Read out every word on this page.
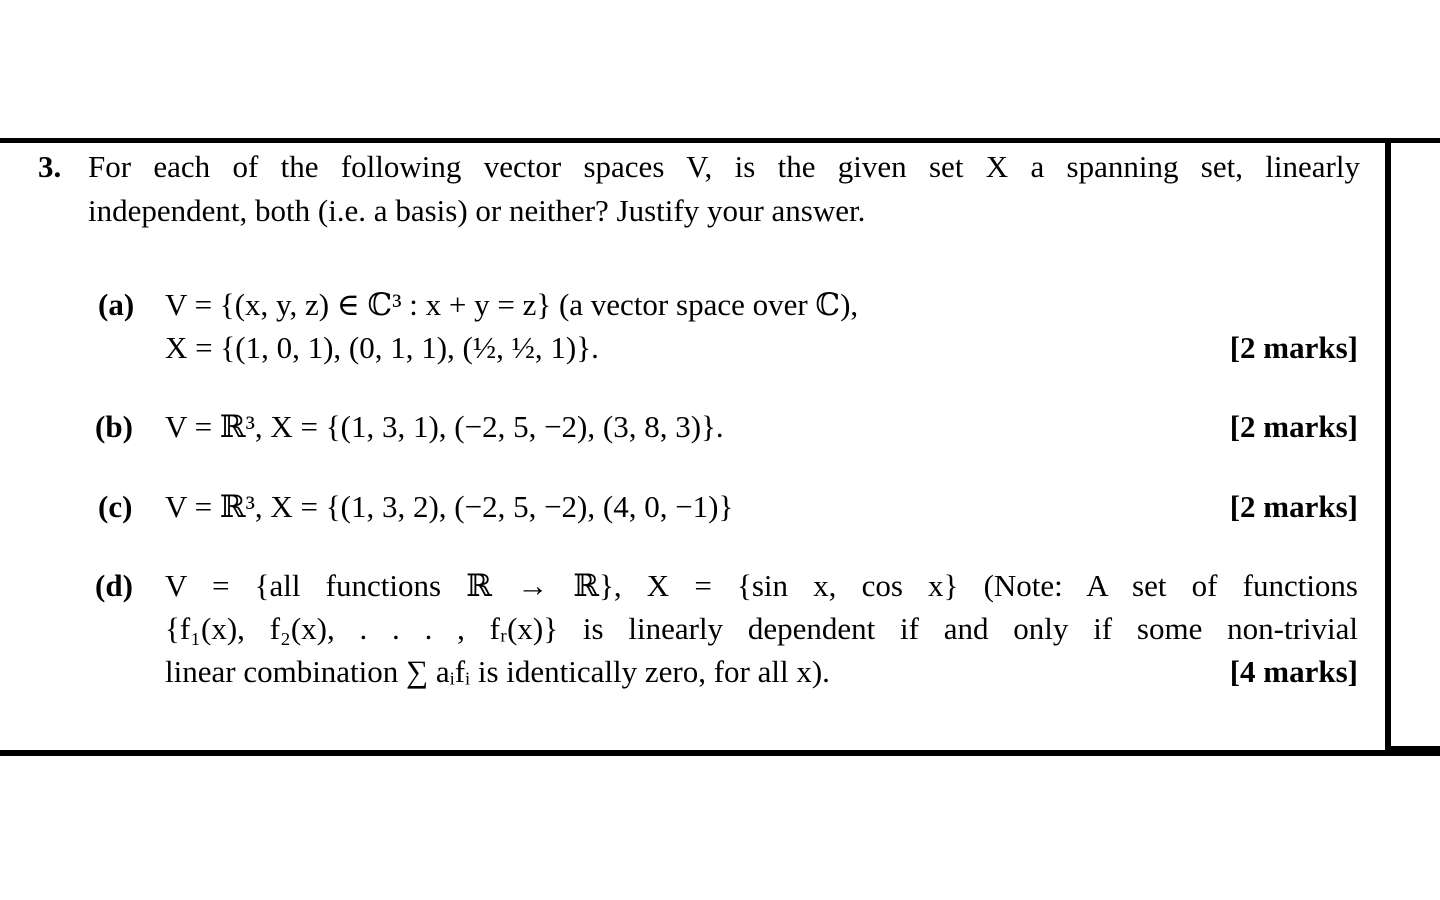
3. For each of the following vector spaces V, is the given set X a spanning set, linearly
independent, both (i.e. a basis) or neither? Justify your answer.
(a) V = {(x, y, z) ∈ ℂ³ : x + y = z} (a vector space over ℂ),
X = {(1, 0, 1), (0, 1, 1), (½, ½, 1)}.	[2 marks]
(b) V = ℝ³, X = {(1, 3, 1), (−2, 5, −2), (3, 8, 3)}.	[2 marks]
(c) V = ℝ³, X = {(1, 3, 2), (−2, 5, −2), (4, 0, −1)}	[2 marks]
(d) V = {all functions ℝ → ℝ}, X = {sin x, cos x} (Note: A set of functions
{f₁(x), f₂(x), . . . , fᵣ(x)} is linearly dependent if and only if some non-trivial
linear combination ∑ aᵢfᵢ is identically zero, for all x).	[4 marks]
